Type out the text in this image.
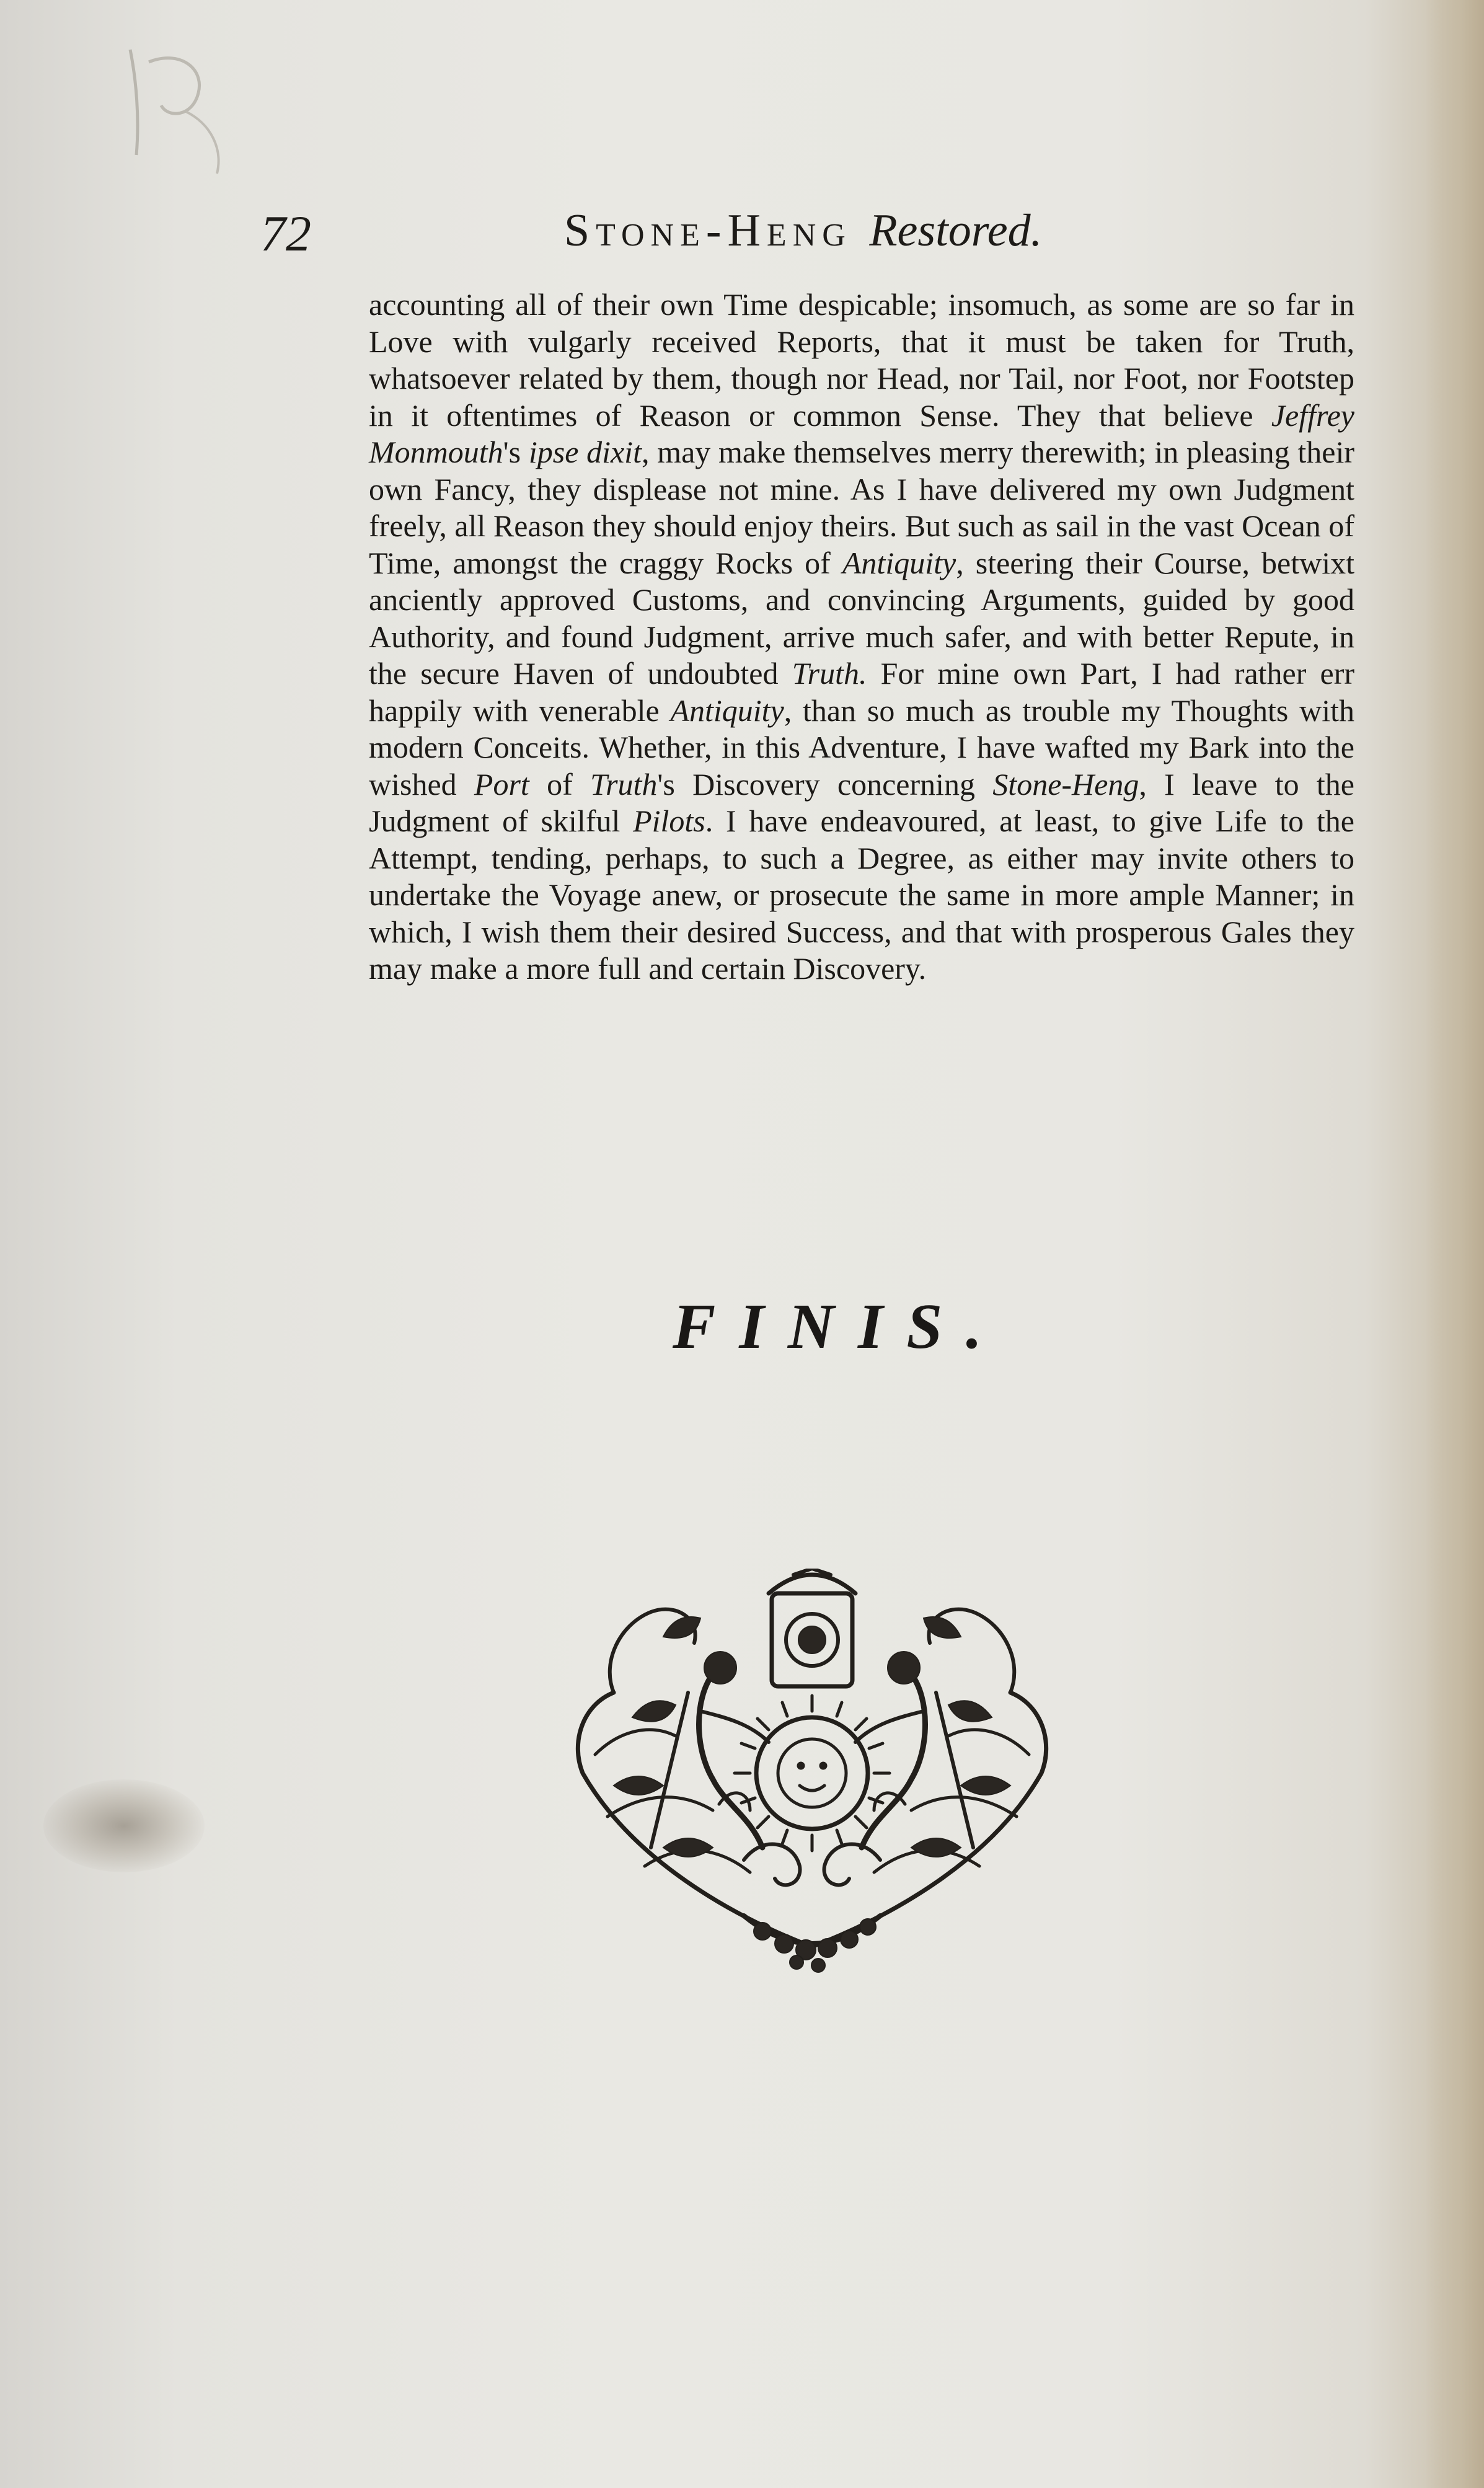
72	Stone-Heng Restored.

accounting all of their own Time despicable; insomuch, as some are so far in Love with vulgarly received Reports, that it must be taken for Truth, whatsoever related by them, though nor Head, nor Tail, nor Foot, nor Footstep in it oftentimes of Reason or common Sense. They that believe Jeffrey Monmouth's ipse dixit, may make themselves merry therewith; in pleasing their own Fancy, they displease not mine. As I have delivered my own Judgment freely, all Reason they should enjoy theirs. But such as sail in the vast Ocean of Time, amongst the craggy Rocks of Antiquity, steering their Course, betwixt anciently approved Customs, and convincing Arguments, guided by good Authority, and found Judgment, arrive much safer, and with better Repute, in the secure Haven of undoubted Truth. For mine own Part, I had rather err happily with venerable Antiquity, than so much as trouble my Thoughts with modern Conceits. Whether, in this Adventure, I have wafted my Bark into the wished Port of Truth's Discovery concerning Stone-Heng, I leave to the Judgment of skilful Pilots. I have endeavoured, at least, to give Life to the Attempt, tending, perhaps, to such a Degree, as either may invite others to undertake the Voyage anew, or prosecute the same in more ample Manner; in which, I wish them their desired Success, and that with prosperous Gales they may make a more full and certain Discovery.

FINIS.
